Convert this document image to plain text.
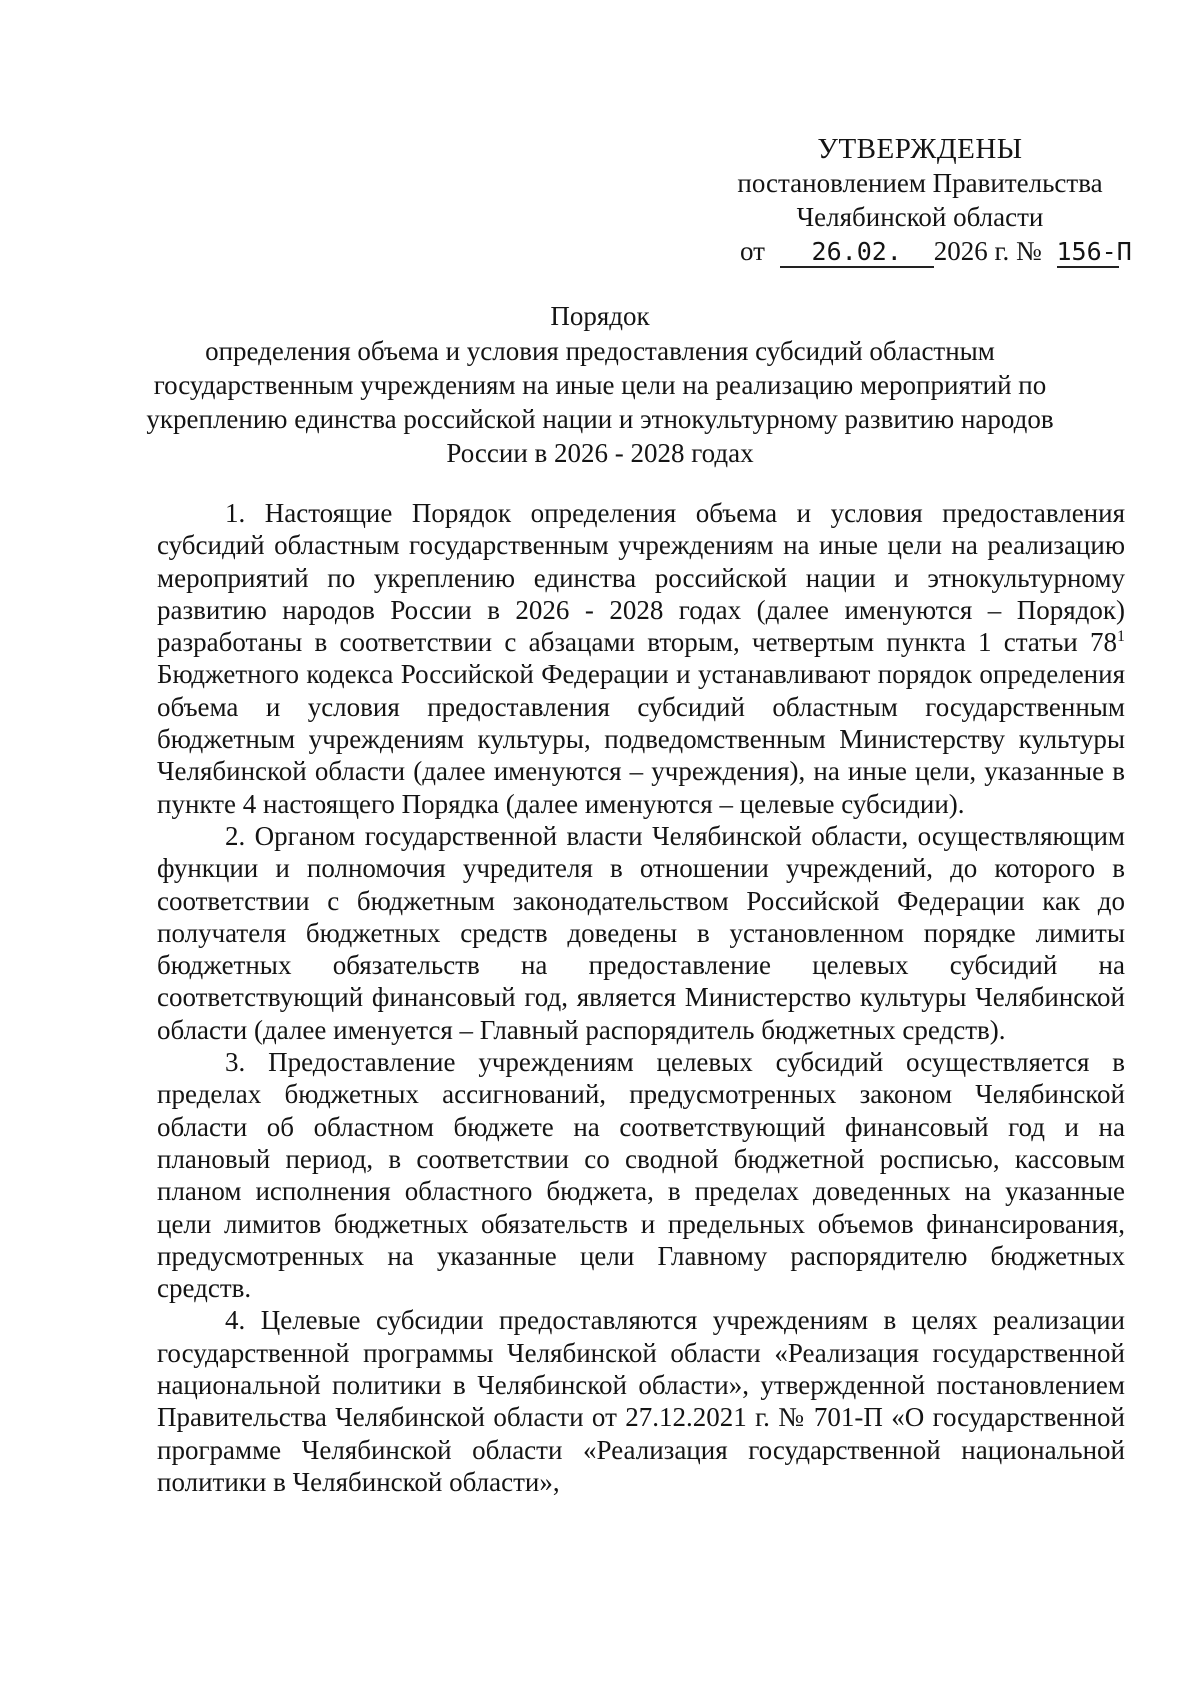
УТВЕРЖДЕНЫ
постановлением Правительства
Челябинской области
от 26.02. 2026 г. № 156-П
Порядок
определения объема и условия предоставления субсидий областным
государственным учреждениям на иные цели на реализацию мероприятий по
укреплению единства российской нации и этнокультурному развитию народов
России в 2026 - 2028 годах

1. Настоящие Порядок определения объема и условия предоставления субсидий областным государственным учреждениям на иные цели на реализацию мероприятий по укреплению единства российской нации и этнокультурному развитию народов России в 2026 - 2028 годах (далее именуются – Порядок) разработаны в соответствии с абзацами вторым, четвертым пункта 1 статьи $78^1$ Бюджетного кодекса Российской Федерации и устанавливают порядок определения объема и условия предоставления субсидий областным государственным бюджетным учреждениям культуры, подведомственным Министерству культуры Челябинской области (далее именуются – учреждения), на иные цели, указанные в пункте 4 настоящего Порядка (далее именуются – целевые субсидии).

2. Органом государственной власти Челябинской области, осуществляющим функции и полномочия учредителя в отношении учреждений, до которого в соответствии с бюджетным законодательством Российской Федерации как до получателя бюджетных средств доведены в установленном порядке лимиты бюджетных обязательств на предоставление целевых субсидий на соответствующий финансовый год, является Министерство культуры Челябинской области (далее именуется – Главный распорядитель бюджетных средств).

3. Предоставление учреждениям целевых субсидий осуществляется в пределах бюджетных ассигнований, предусмотренных законом Челябинской области об областном бюджете на соответствующий финансовый год и на плановый период, в соответствии со сводной бюджетной росписью, кассовым планом исполнения областного бюджета, в пределах доведенных на указанные цели лимитов бюджетных обязательств и предельных объемов финансирования, предусмотренных на указанные цели Главному распорядителю бюджетных средств.

4. Целевые субсидии предоставляются учреждениям в целях реализации государственной программы Челябинской области «Реализация государственной национальной политики в Челябинской области», утвержденной постановлением Правительства Челябинской области от 27.12.2021 г. № 701-П «О государственной программе Челябинской области «Реализация государственной национальной политики в Челябинской области»,
